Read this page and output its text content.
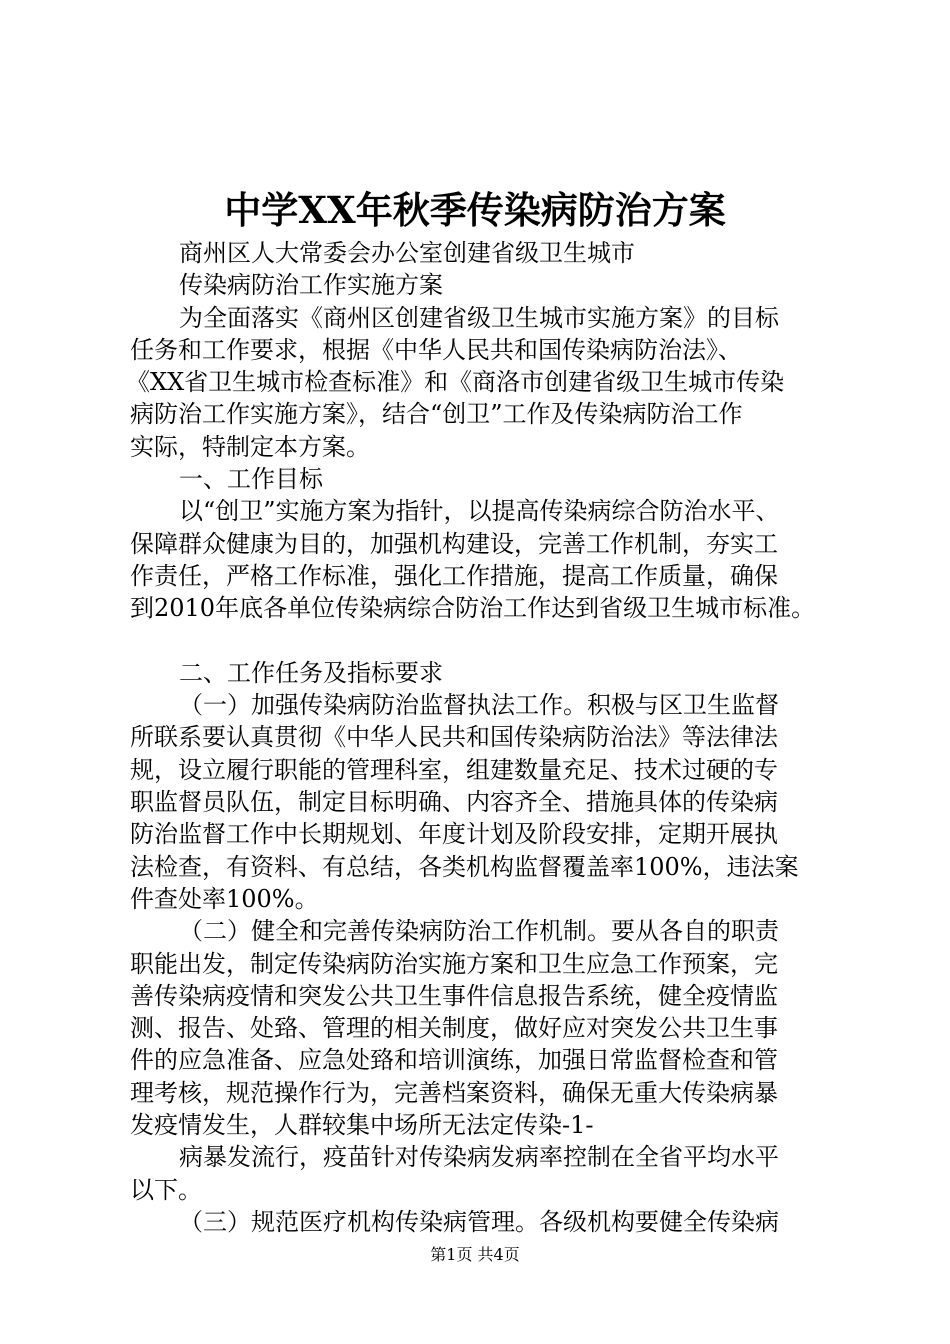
中学XX年秋季传染病防治方案
商州区人大常委会办公室创建省级卫生城市
传染病防治工作实施方案
为全面落实《商州区创建省级卫生城市实施方案》的目标
任务和工作要求，根据《中华人民共和国传染病防治法》、
《XX省卫生城市检查标准》和《商洛市创建省级卫生城市传染
病防治工作实施方案》，结合“创卫”工作及传染病防治工作
实际，特制定本方案。
一、工作目标
以“创卫”实施方案为指针，以提高传染病综合防治水平、
保障群众健康为目的，加强机构建设，完善工作机制，夯实工
作责任，严格工作标准，强化工作措施，提高工作质量，确保
到2010年底各单位传染病综合防治工作达到省级卫生城市标准。
二、工作任务及指标要求
（一）加强传染病防治监督执法工作。积极与区卫生监督
所联系要认真贯彻《中华人民共和国传染病防治法》等法律法
规，设立履行职能的管理科室，组建数量充足、技术过硬的专
职监督员队伍，制定目标明确、内容齐全、措施具体的传染病
防治监督工作中长期规划、年度计划及阶段安排，定期开展执
法检查，有资料、有总结，各类机构监督覆盖率100%，违法案
件查处率100%。
（二）健全和完善传染病防治工作机制。要从各自的职责
职能出发，制定传染病防治实施方案和卫生应急工作预案，完
善传染病疫情和突发公共卫生事件信息报告系统，健全疫情监
测、报告、处臵、管理的相关制度，做好应对突发公共卫生事
件的应急准备、应急处臵和培训演练，加强日常监督检查和管
理考核，规范操作行为，完善档案资料，确保无重大传染病暴
发疫情发生，人群较集中场所无法定传染-1-
病暴发流行，疫苗针对传染病发病率控制在全省平均水平
以下。
（三）规范医疗机构传染病管理。各级机构要健全传染病
第1页 共4页
